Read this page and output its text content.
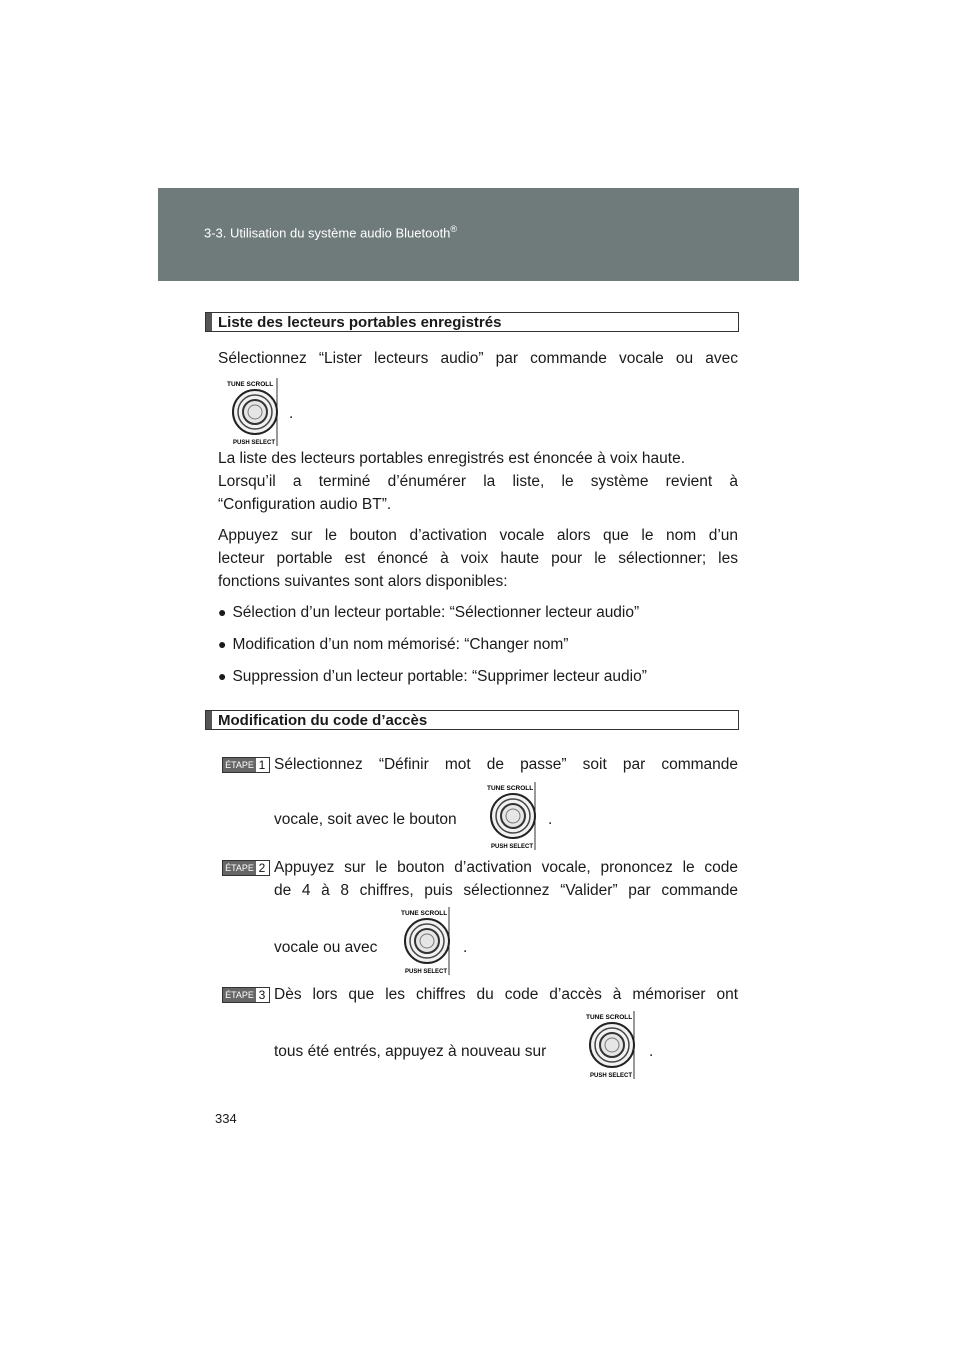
3-3. Utilisation du système audio Bluetooth®
Liste des lecteurs portables enregistrés
Sélectionnez “Lister lecteurs audio” par commande vocale ou avec
TUNE SCROLL
PUSH SELECT
.
La liste des lecteurs portables enregistrés est énoncée à voix haute.
Lorsqu’il a terminé d’énumérer la liste, le système revient à
“Configuration audio BT”.
Appuyez sur le bouton d’activation vocale alors que le nom d’un
lecteur portable est énoncé à voix haute pour le sélectionner; les
fonctions suivantes sont alors disponibles:
● Sélection d’un lecteur portable: “Sélectionner lecteur audio”
● Modification d’un nom mémorisé: “Changer nom”
● Suppression d’un lecteur portable: “Supprimer lecteur audio”
Modification du code d’accès
ÉTAPE 1 Sélectionnez “Définir mot de passe” soit par commande
vocale, soit avec le bouton
TUNE SCROLL
PUSH SELECT
.
ÉTAPE 2 Appuyez sur le bouton d’activation vocale, prononcez le code
de 4 à 8 chiffres, puis sélectionnez “Valider” par commande
vocale ou avec
TUNE SCROLL
PUSH SELECT
.
ÉTAPE 3 Dès lors que les chiffres du code d’accès à mémoriser ont
tous été entrés, appuyez à nouveau sur
TUNE SCROLL
PUSH SELECT
.
334
